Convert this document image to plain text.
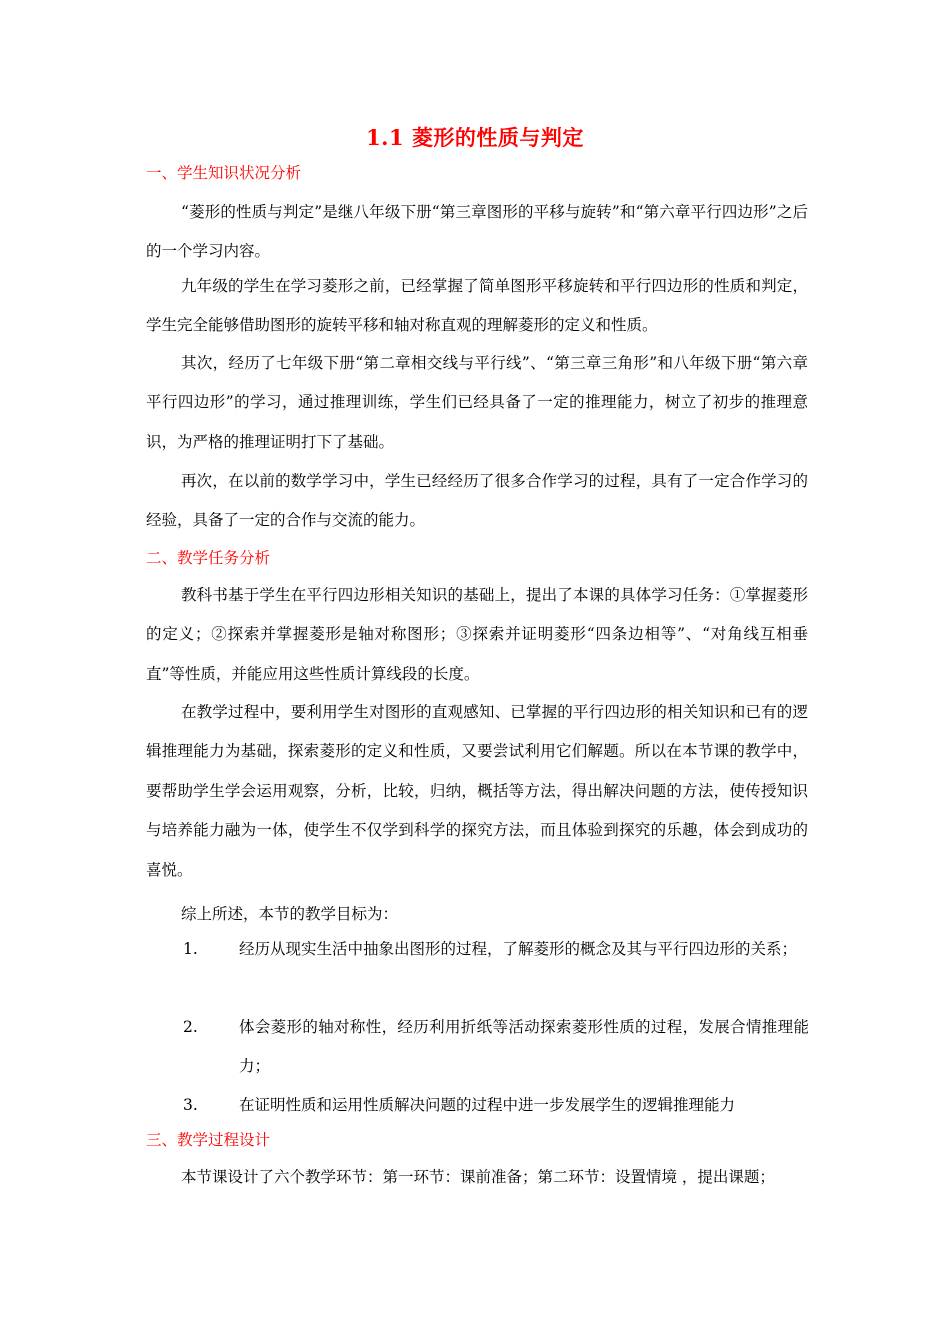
1.1 菱形的性质与判定
一、学生知识状况分析
“菱形的性质与判定”是继八年级下册“第三章图形的平移与旋转”和“第六章平行四边形”之后的一个学习内容。
九年级的学生在学习菱形之前，已经掌握了简单图形平移旋转和平行四边形的性质和判定，学生完全能够借助图形的旋转平移和轴对称直观的理解菱形的定义和性质。
其次，经历了七年级下册“第二章相交线与平行线”、“第三章三角形”和八年级下册“第六章平行四边形”的学习，通过推理训练，学生们已经具备了一定的推理能力，树立了初步的推理意识，为严格的推理证明打下了基础。
再次，在以前的数学学习中，学生已经经历了很多合作学习的过程，具有了一定合作学习的经验，具备了一定的合作与交流的能力。
二、教学任务分析
教科书基于学生在平行四边形相关知识的基础上，提出了本课的具体学习任务：①掌握菱形的定义；②探索并掌握菱形是轴对称图形；③探索并证明菱形“四条边相等”、“对角线互相垂直”等性质，并能应用这些性质计算线段的长度。
在教学过程中，要利用学生对图形的直观感知、已掌握的平行四边形的相关知识和已有的逻辑推理能力为基础，探索菱形的定义和性质，又要尝试利用它们解题。所以在本节课的教学中，要帮助学生学会运用观察，分析，比较，归纳，概括等方法，得出解决问题的方法，使传授知识与培养能力融为一体，使学生不仅学到科学的探究方法，而且体验到探究的乐趣，体会到成功的喜悦。
综上所述，本节的教学目标为：
1.	经历从现实生活中抽象出图形的过程，了解菱形的概念及其与平行四边形的关系；
2.	体会菱形的轴对称性，经历利用折纸等活动探索菱形性质的过程，发展合情推理能力；
3.	在证明性质和运用性质解决问题的过程中进一步发展学生的逻辑推理能力
三、教学过程设计
本节课设计了六个教学环节：第一环节：课前准备；第二环节：设置情境 ，提出课题；
